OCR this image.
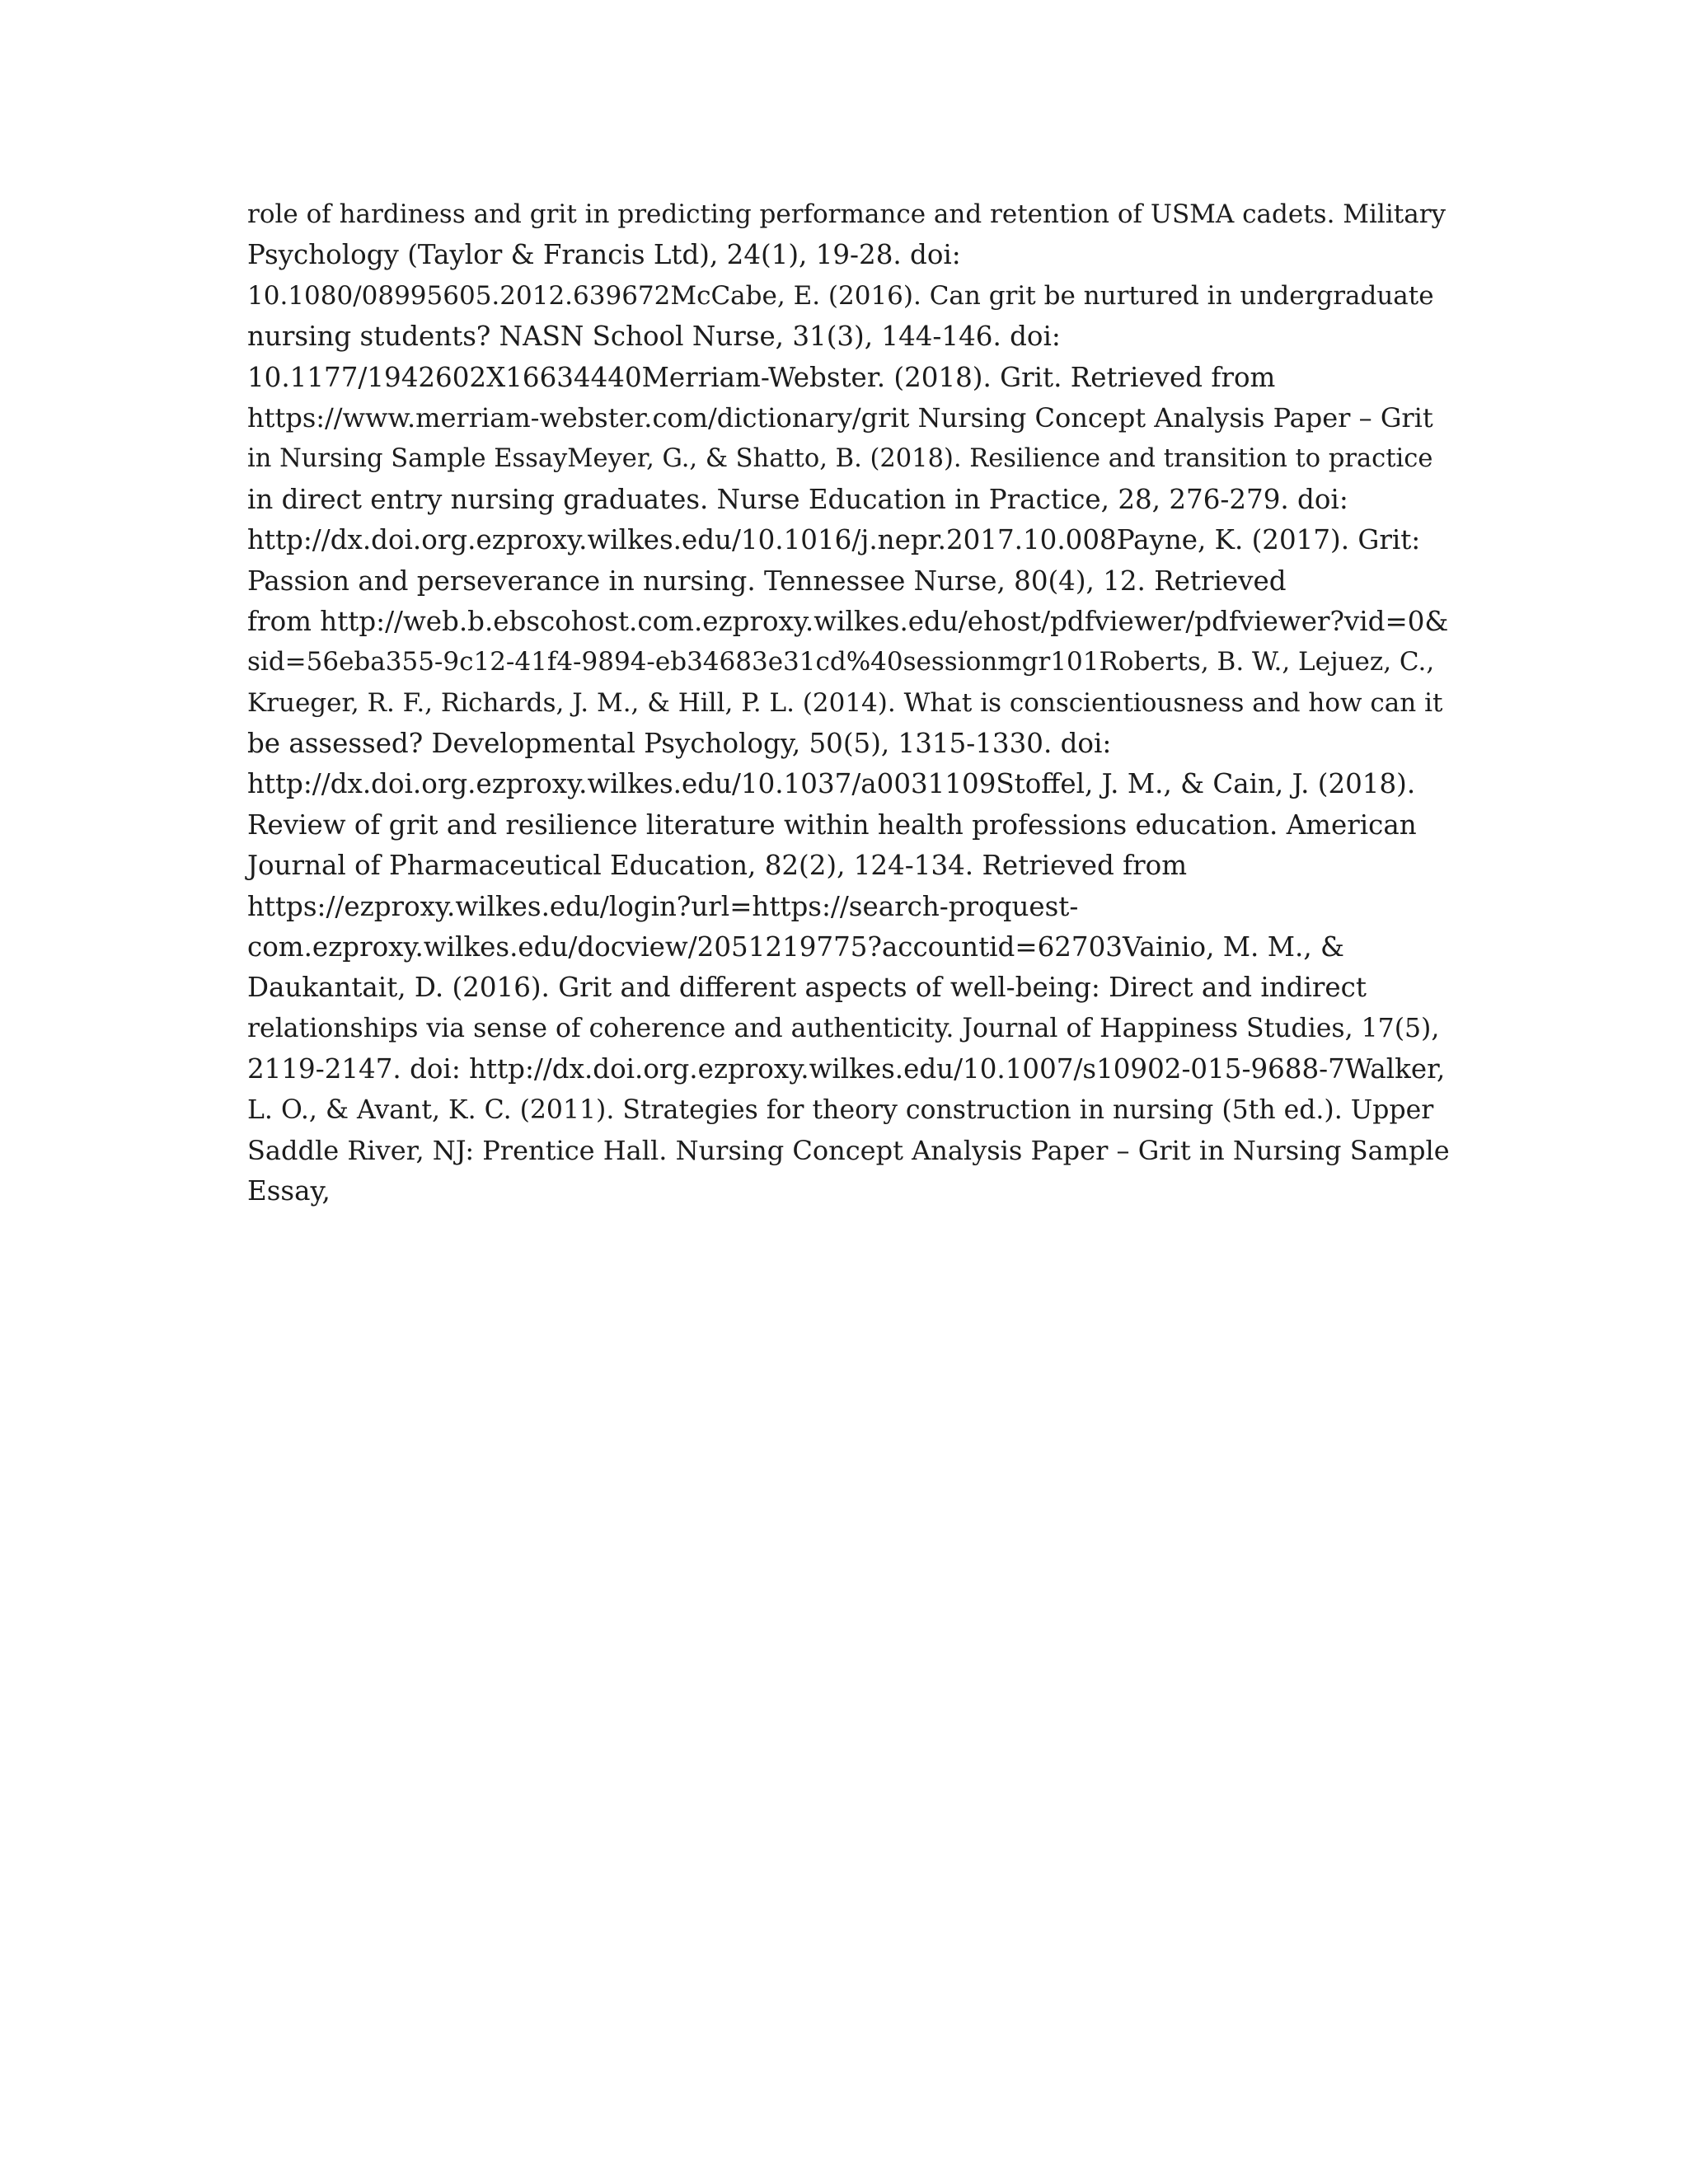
role of hardiness and grit in predicting performance and retention of USMA cadets. Military
Psychology (Taylor & Francis Ltd), 24(1), 19-28. doi:
10.1080/08995605.2012.639672McCabe, E. (2016). Can grit be nurtured in undergraduate
nursing students? NASN School Nurse, 31(3), 144-146. doi:
10.1177/1942602X16634440Merriam-Webster. (2018). Grit. Retrieved from
https://www.merriam-webster.com/dictionary/grit Nursing Concept Analysis Paper – Grit
in Nursing Sample EssayMeyer, G., & Shatto, B. (2018). Resilience and transition to practice
in direct entry nursing graduates. Nurse Education in Practice, 28, 276-279. doi:
http://dx.doi.org.ezproxy.wilkes.edu/10.1016/j.nepr.2017.10.008Payne, K. (2017). Grit:
Passion and perseverance in nursing. Tennessee Nurse, 80(4), 12. Retrieved
from http://web.b.ebscohost.com.ezproxy.wilkes.edu/ehost/pdfviewer/pdfviewer?vid=0&
sid=56eba355-9c12-41f4-9894-eb34683e31cd%40sessionmgr101Roberts, B. W., Lejuez, C.,
Krueger, R. F., Richards, J. M., & Hill, P. L. (2014). What is conscientiousness and how can it
be assessed? Developmental Psychology, 50(5), 1315-1330. doi:
http://dx.doi.org.ezproxy.wilkes.edu/10.1037/a0031109Stoffel, J. M., & Cain, J. (2018).
Review of grit and resilience literature within health professions education. American
Journal of Pharmaceutical Education, 82(2), 124-134. Retrieved from
https://ezproxy.wilkes.edu/login?url=https://search-proquest-
com.ezproxy.wilkes.edu/docview/2051219775?accountid=62703Vainio, M. M., &
Daukantait, D. (2016). Grit and different aspects of well-being: Direct and indirect
relationships via sense of coherence and authenticity. Journal of Happiness Studies, 17(5),
2119-2147. doi: http://dx.doi.org.ezproxy.wilkes.edu/10.1007/s10902-015-9688-7Walker,
L. O., & Avant, K. C. (2011). Strategies for theory construction in nursing (5th ed.). Upper
Saddle River, NJ: Prentice Hall. Nursing Concept Analysis Paper – Grit in Nursing Sample
Essay,
